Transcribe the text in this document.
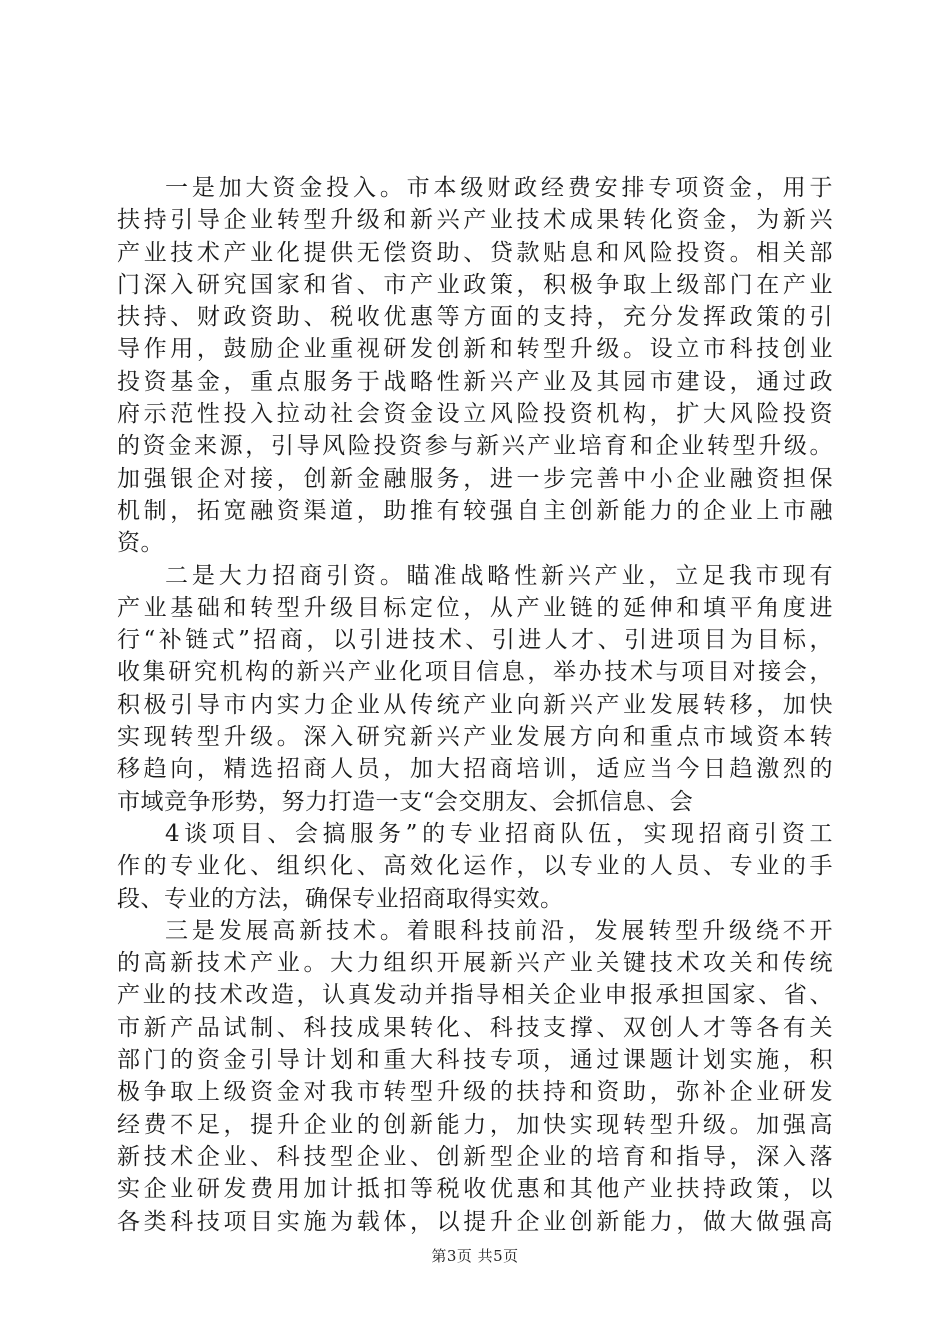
一是加大资金投入。市本级财政经费安排专项资金，用于
扶持引导企业转型升级和新兴产业技术成果转化资金，为新兴
产业技术产业化提供无偿资助、贷款贴息和风险投资。相关部
门深入研究国家和省、市产业政策，积极争取上级部门在产业
扶持、财政资助、税收优惠等方面的支持，充分发挥政策的引
导作用，鼓励企业重视研发创新和转型升级。设立市科技创业
投资基金，重点服务于战略性新兴产业及其园市建设，通过政
府示范性投入拉动社会资金设立风险投资机构，扩大风险投资
的资金来源，引导风险投资参与新兴产业培育和企业转型升级。
加强银企对接，创新金融服务，进一步完善中小企业融资担保
机制，拓宽融资渠道，助推有较强自主创新能力的企业上市融
资。
二是大力招商引资。瞄准战略性新兴产业，立足我市现有
产业基础和转型升级目标定位，从产业链的延伸和填平角度进
行“补链式”招商，以引进技术、引进人才、引进项目为目标，
收集研究机构的新兴产业化项目信息，举办技术与项目对接会，
积极引导市内实力企业从传统产业向新兴产业发展转移，加快
实现转型升级。深入研究新兴产业发展方向和重点市域资本转
移趋向，精选招商人员，加大招商培训，适应当今日趋激烈的
市域竞争形势，努力打造一支“会交朋友、会抓信息、会
4谈项目、会搞服务”的专业招商队伍，实现招商引资工
作的专业化、组织化、高效化运作，以专业的人员、专业的手
段、专业的方法，确保专业招商取得实效。
三是发展高新技术。着眼科技前沿，发展转型升级绕不开
的高新技术产业。大力组织开展新兴产业关键技术攻关和传统
产业的技术改造，认真发动并指导相关企业申报承担国家、省、
市新产品试制、科技成果转化、科技支撑、双创人才等各有关
部门的资金引导计划和重大科技专项，通过课题计划实施，积
极争取上级资金对我市转型升级的扶持和资助，弥补企业研发
经费不足，提升企业的创新能力，加快实现转型升级。加强高
新技术企业、科技型企业、创新型企业的培育和指导，深入落
实企业研发费用加计抵扣等税收优惠和其他产业扶持政策，以
各类科技项目实施为载体，以提升企业创新能力，做大做强高
第3页 共5页
